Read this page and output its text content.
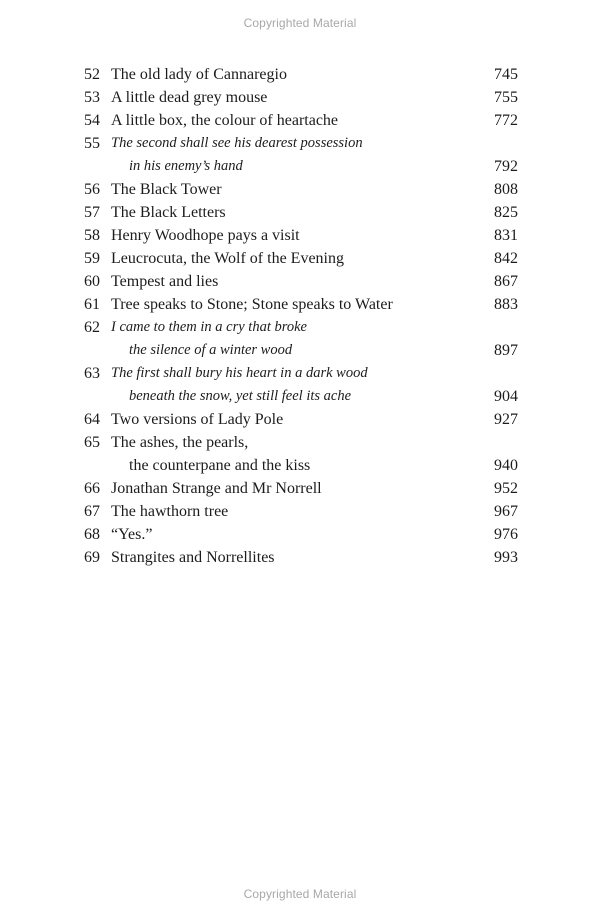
Copyrighted Material
52 The old lady of Cannaregio	745
53 A little dead grey mouse	755
54 A little box, the colour of heartache	772
55 The second shall see his dearest possession
in his enemy’s hand	792
56 The Black Tower	808
57 The Black Letters	825
58 Henry Woodhope pays a visit	831
59 Leucrocuta, the Wolf of the Evening	842
60 Tempest and lies	867
61 Tree speaks to Stone; Stone speaks to Water	883
62 I came to them in a cry that broke
the silence of a winter wood	897
63 The first shall bury his heart in a dark wood
beneath the snow, yet still feel its ache	904
64 Two versions of Lady Pole	927
65 The ashes, the pearls,
the counterpane and the kiss	940
66 Jonathan Strange and Mr Norrell	952
67 The hawthorn tree	967
68 “Yes.”	976
69 Strangites and Norrellites	993
Copyrighted Material
